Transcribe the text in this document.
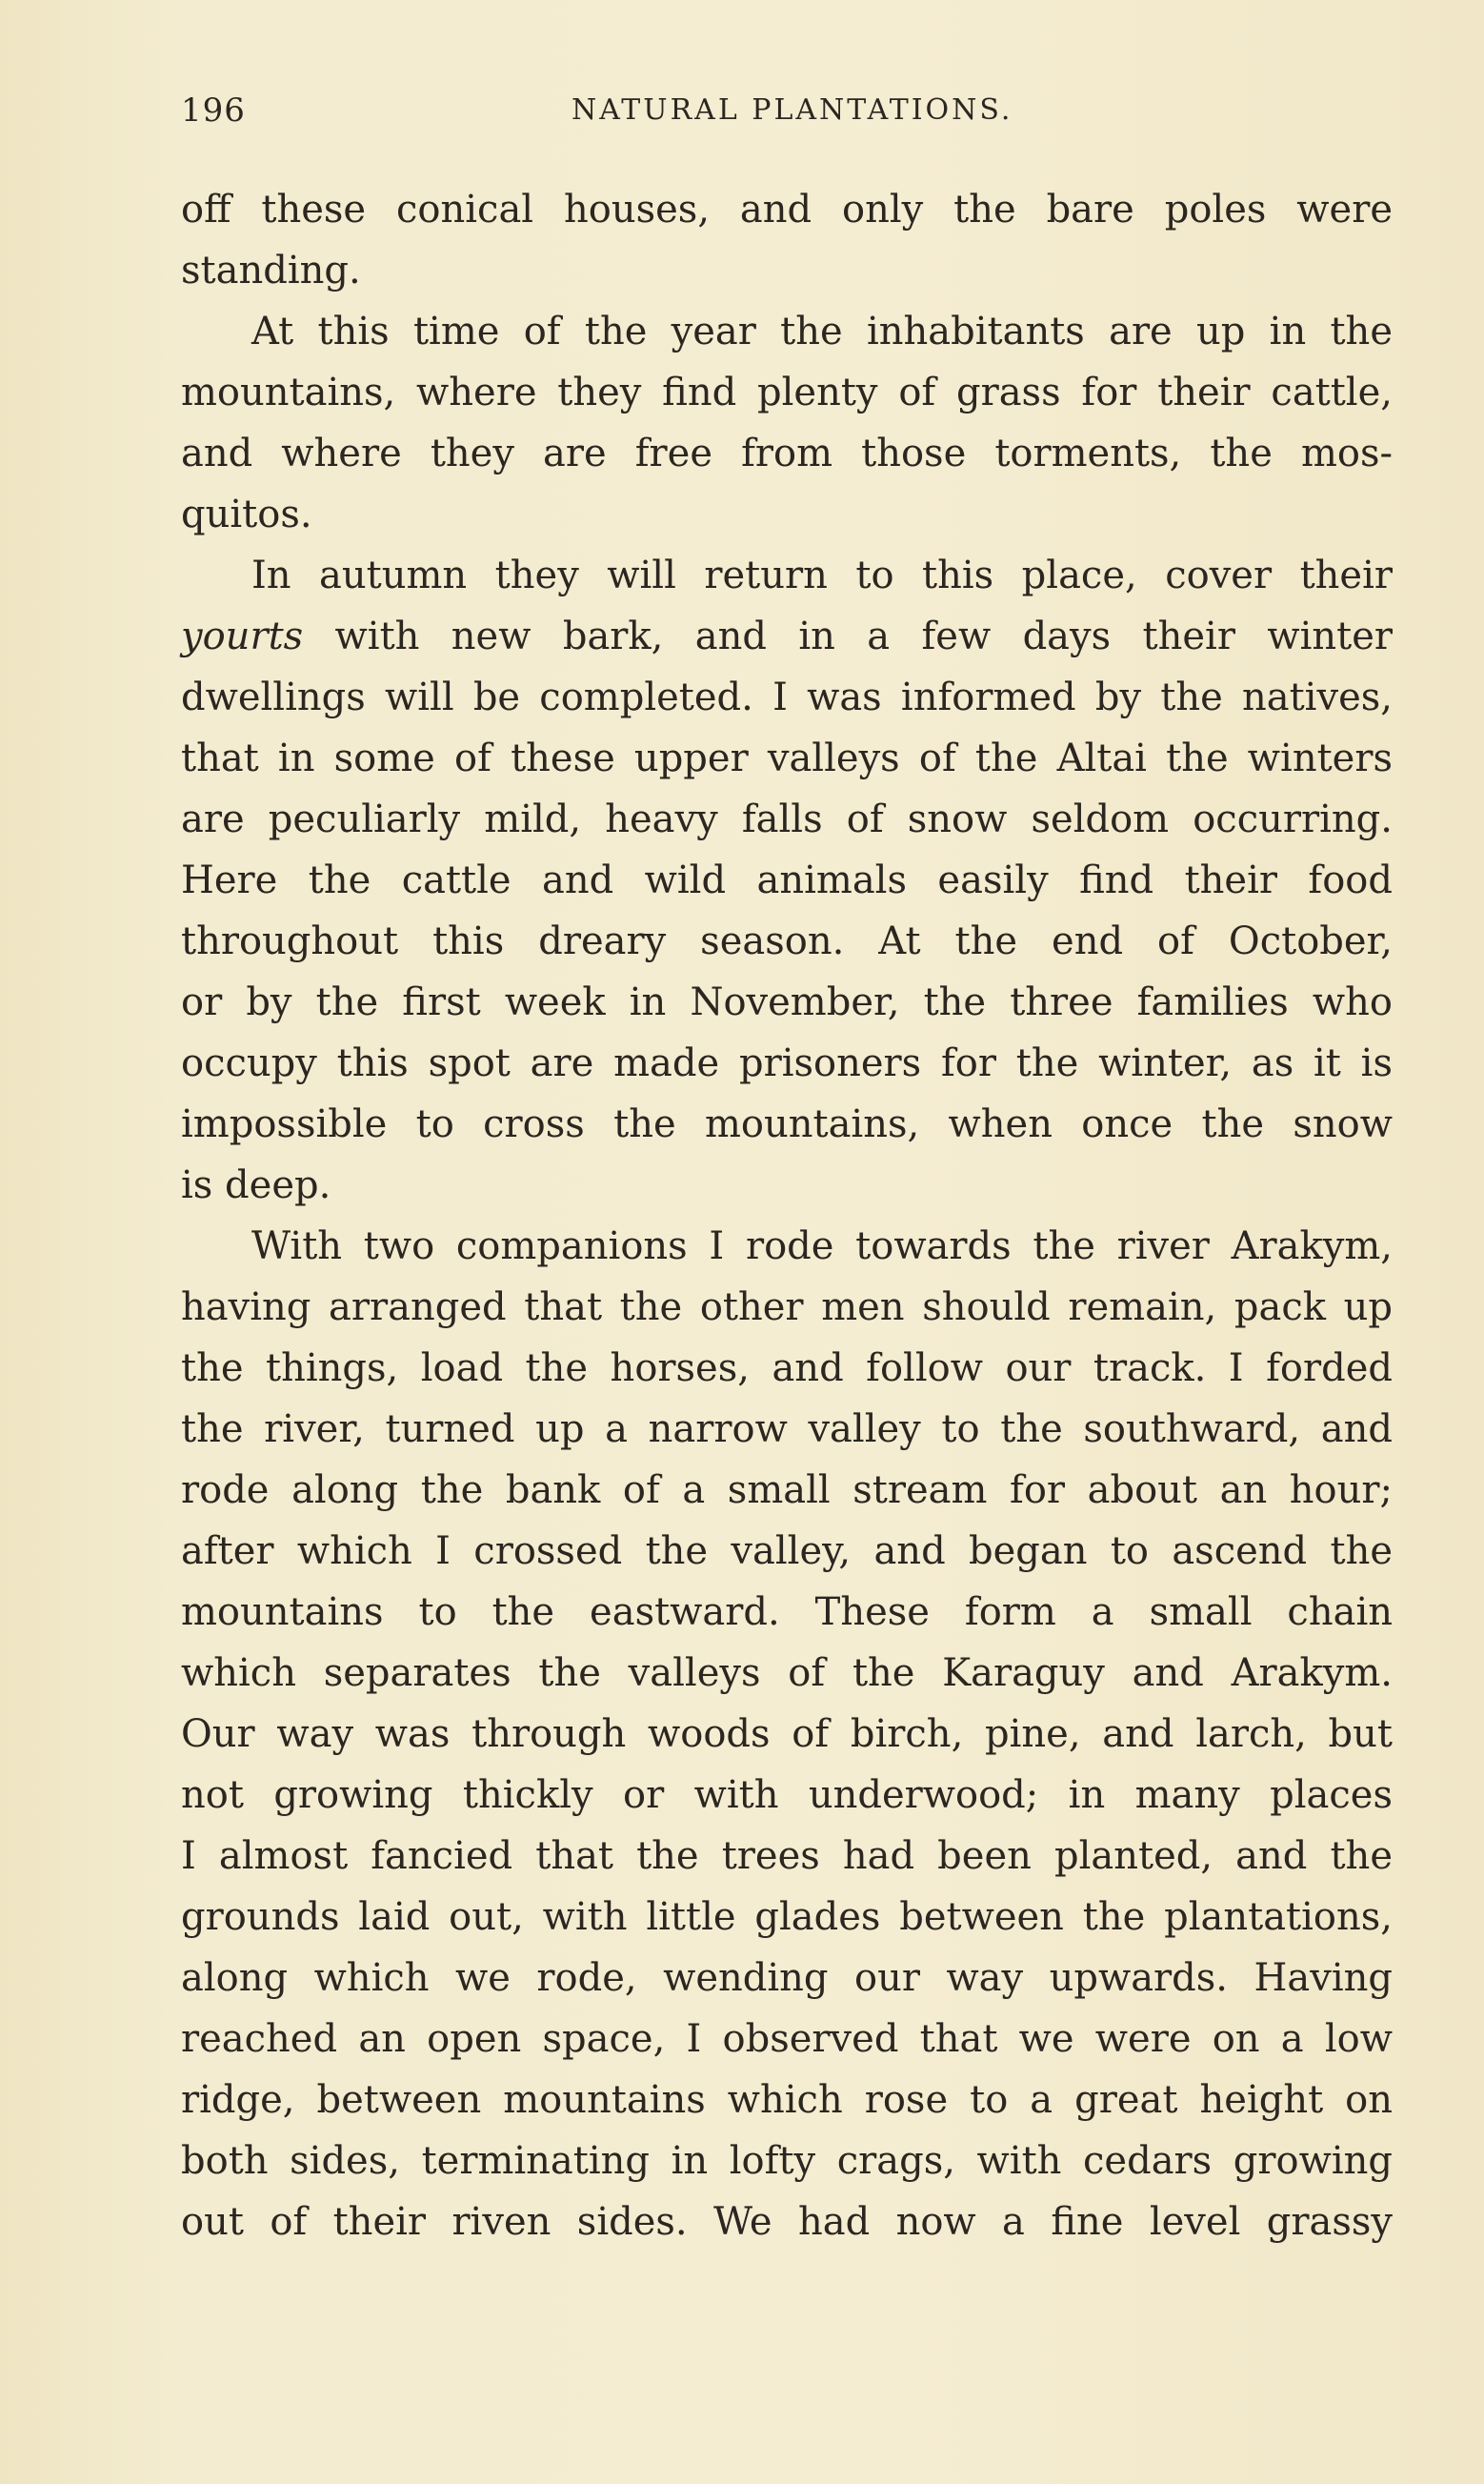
196	NATURAL PLANTATIONS.
off these conical houses, and only the bare poles were
standing.
At this time of the year the inhabitants are up in the
mountains, where they find plenty of grass for their cattle,
and where they are free from those torments, the mos-
quitos.
In autumn they will return to this place, cover their
yourts with new bark, and in a few days their winter
dwellings will be completed. I was informed by the natives,
that in some of these upper valleys of the Altai the winters
are peculiarly mild, heavy falls of snow seldom occurring.
Here the cattle and wild animals easily find their food
throughout this dreary season. At the end of October,
or by the first week in November, the three families who
occupy this spot are made prisoners for the winter, as it is
impossible to cross the mountains, when once the snow
is deep.
With two companions I rode towards the river Arakym,
having arranged that the other men should remain, pack up
the things, load the horses, and follow our track. I forded
the river, turned up a narrow valley to the southward, and
rode along the bank of a small stream for about an hour;
after which I crossed the valley, and began to ascend the
mountains to the eastward. These form a small chain
which separates the valleys of the Karaguy and Arakym.
Our way was through woods of birch, pine, and larch, but
not growing thickly or with underwood; in many places
I almost fancied that the trees had been planted, and the
grounds laid out, with little glades between the plantations,
along which we rode, wending our way upwards. Having
reached an open space, I observed that we were on a low
ridge, between mountains which rose to a great height on
both sides, terminating in lofty crags, with cedars growing
out of their riven sides. We had now a fine level grassy
